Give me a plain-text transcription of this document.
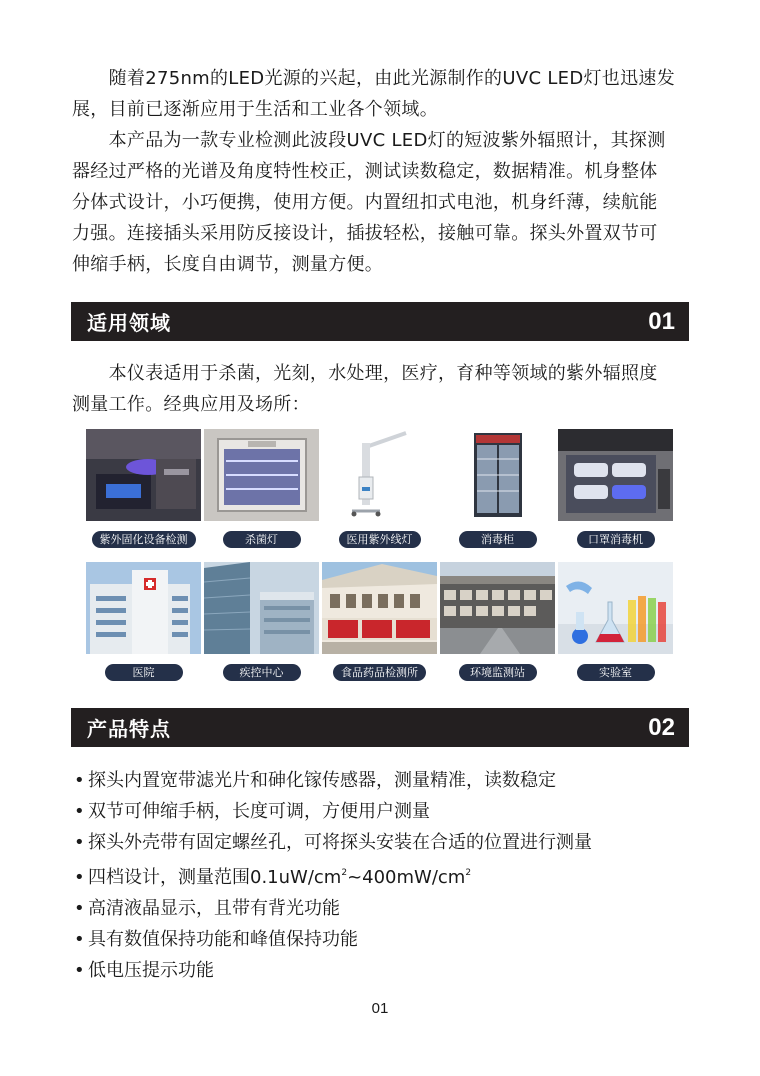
　　随着275nm的LED光源的兴起，由此光源制作的UVC LED灯也迅速发
展，目前已逐渐应用于生活和工业各个领域。
　　本产品为一款专业检测此波段UVC LED灯的短波紫外辐照计，其探测
器经过严格的光谱及角度特性校正，测试读数稳定，数据精准。机身整体
分体式设计，小巧便携，使用方便。内置纽扣式电池，机身纤薄，续航能
力强。连接插头采用防反接设计，插拔轻松，接触可靠。探头外置双节可
伸缩手柄，长度自由调节，测量方便。
适用领域	01
　　本仪表适用于杀菌，光刻，水处理，医疗，育种等领域的紫外辐照度
测量工作。经典应用及场所：
紫外固化设备检测	杀菌灯	医用紫外线灯	消毒柜	口罩消毒机
医院	疾控中心	食品药品检测所	环境监测站	实验室
产品特点	02
• 探头内置宽带滤光片和砷化镓传感器，测量精准，读数稳定
• 双节可伸缩手柄，长度可调，方便用户测量
• 探头外壳带有固定螺丝孔，可将探头安装在合适的位置进行测量
• 四档设计，测量范围$0.1uW/cm^2\sim 400mW/cm^2$
• 高清液晶显示，且带有背光功能
• 具有数值保持功能和峰值保持功能
• 低电压提示功能
01
